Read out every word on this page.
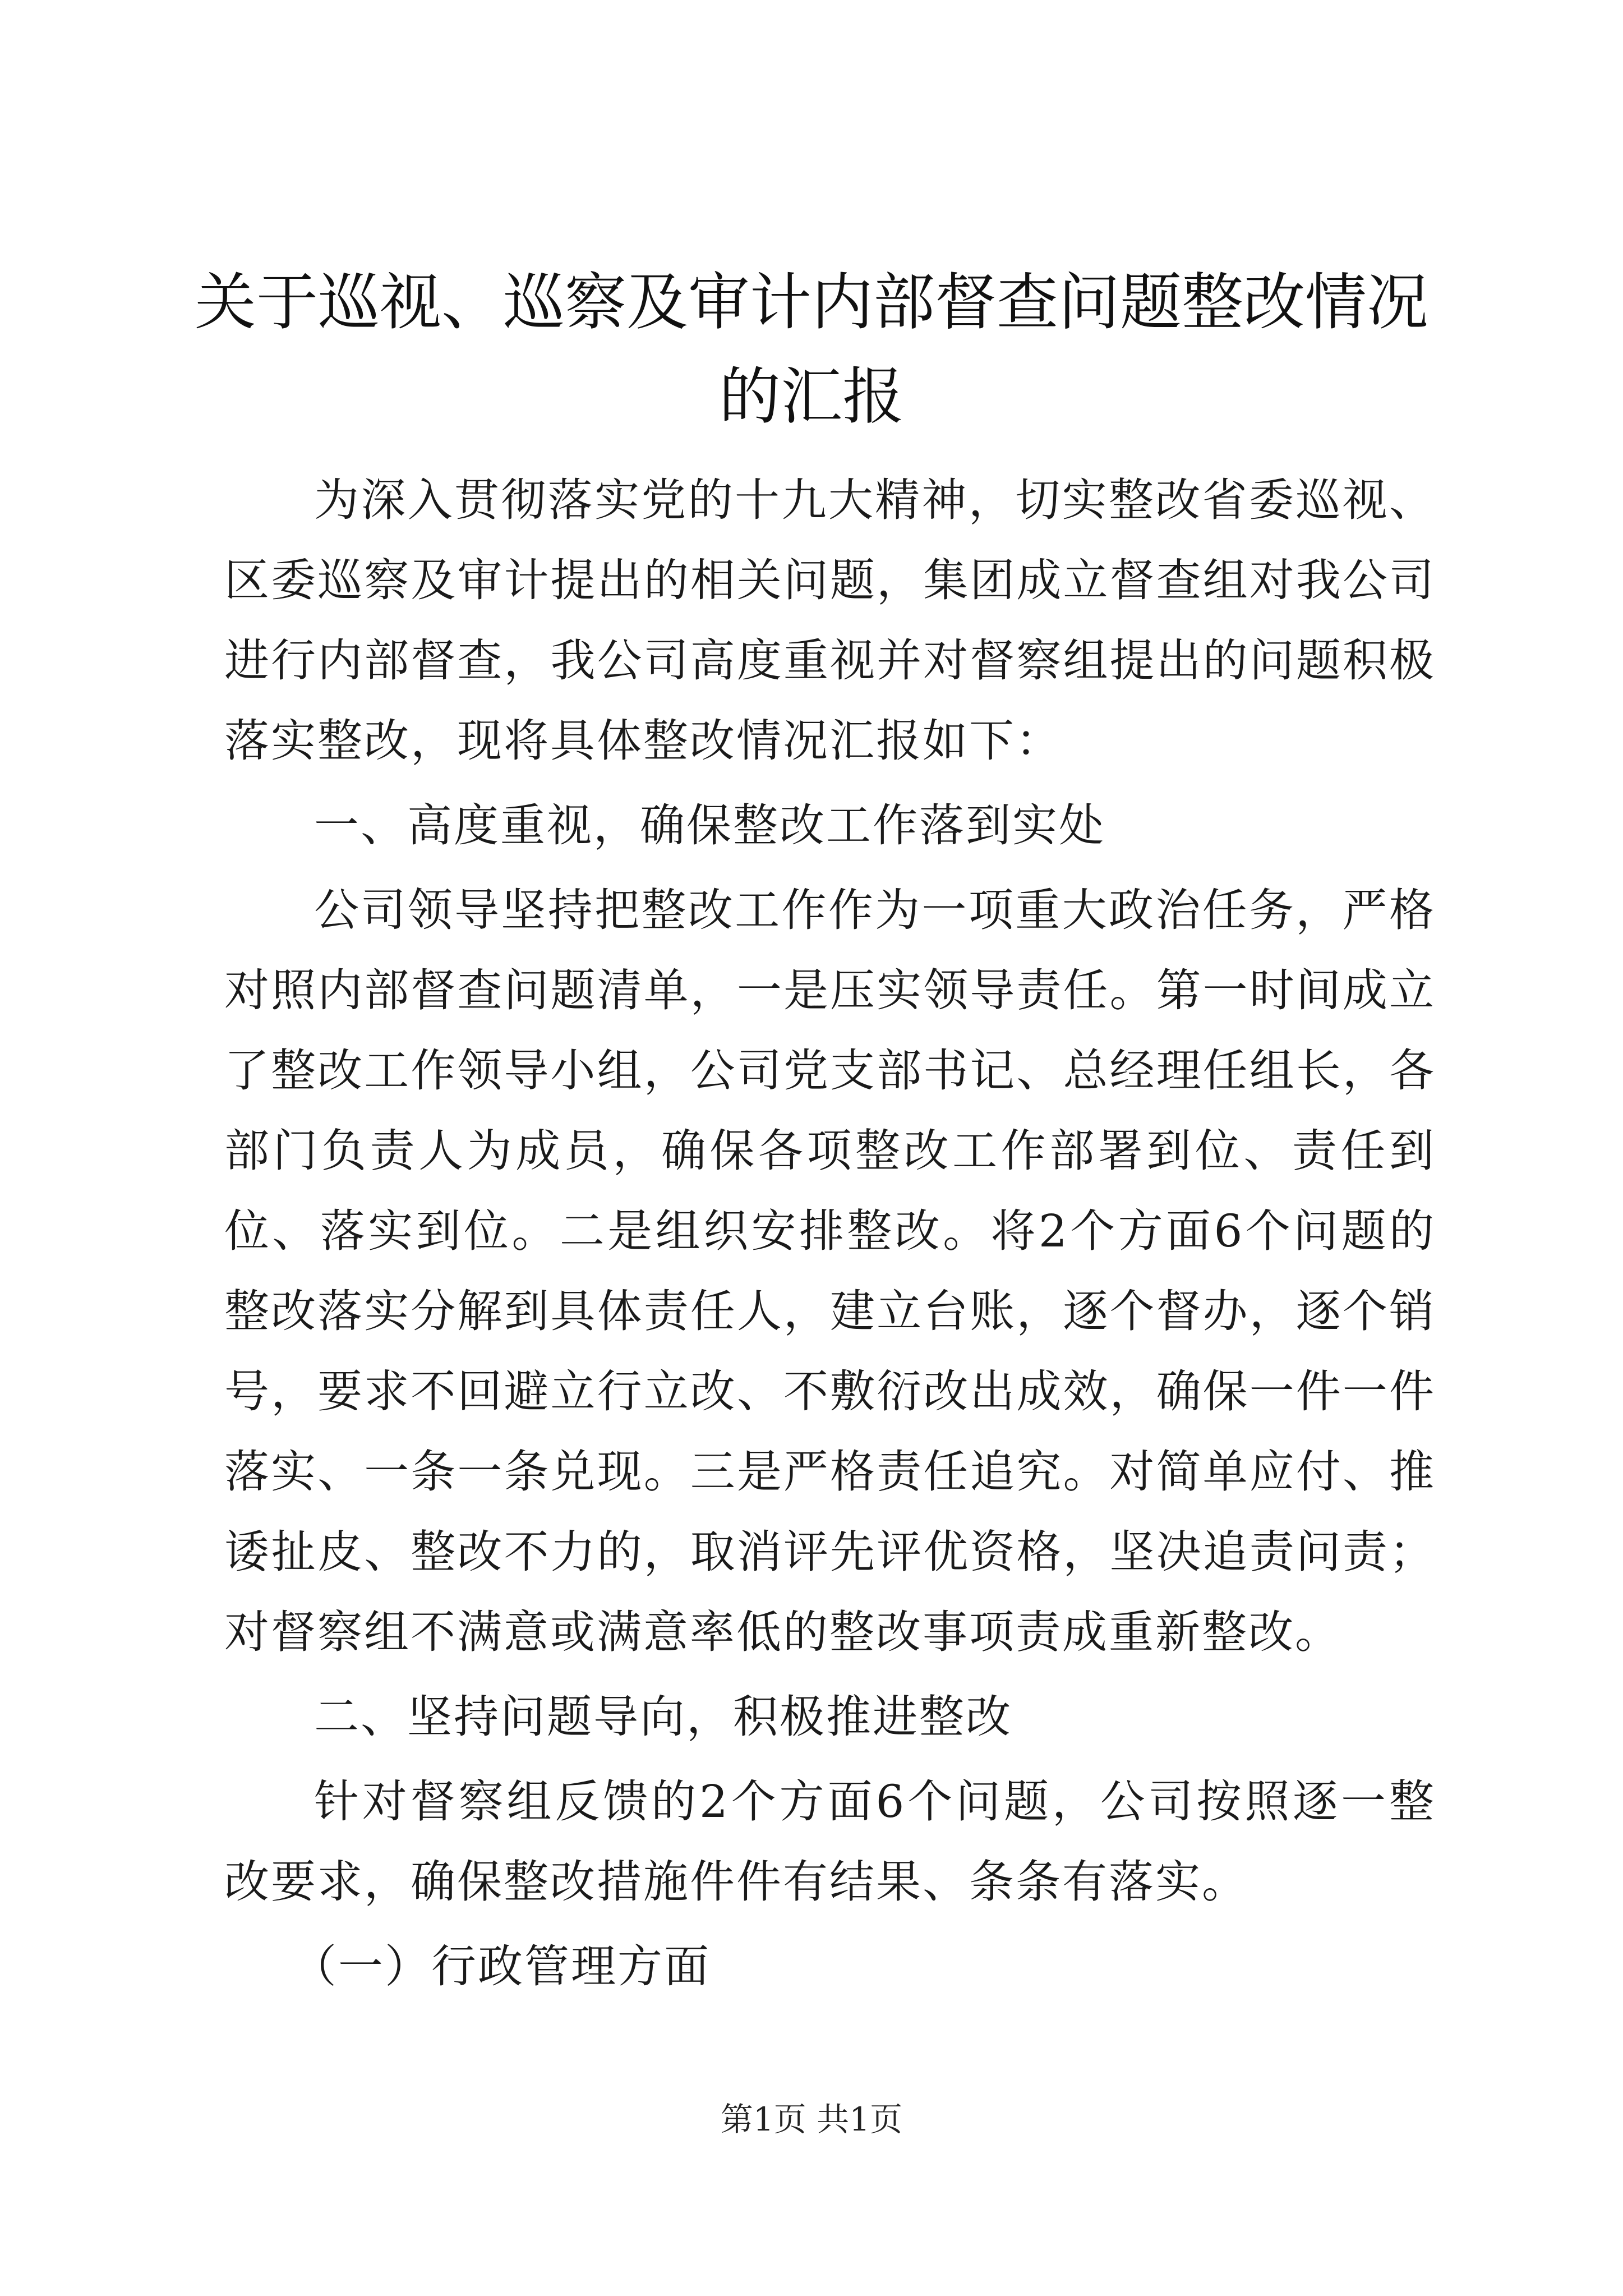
关于巡视、巡察及审计内部督查问题整改情况
的汇报

为深入贯彻落实党的十九大精神，切实整改省委巡视、区委巡察及审计提出的相关问题，集团成立督查组对我公司进行内部督查，我公司高度重视并对督察组提出的问题积极落实整改，现将具体整改情况汇报如下：

一、高度重视，确保整改工作落到实处

公司领导坚持把整改工作作为一项重大政治任务，严格对照内部督查问题清单，一是压实领导责任。第一时间成立了整改工作领导小组，公司党支部书记、总经理任组长，各部门负责人为成员，确保各项整改工作部署到位、责任到位、落实到位。二是组织安排整改。将2个方面6个问题的整改落实分解到具体责任人，建立台账，逐个督办，逐个销号，要求不回避立行立改、不敷衍改出成效，确保一件一件落实、一条一条兑现。三是严格责任追究。对简单应付、推诿扯皮、整改不力的，取消评先评优资格，坚决追责问责；对督察组不满意或满意率低的整改事项责成重新整改。

二、坚持问题导向，积极推进整改

针对督察组反馈的2个方面6个问题，公司按照逐一整改要求，确保整改措施件件有结果、条条有落实。

（一）行政管理方面

第1页 共1页
